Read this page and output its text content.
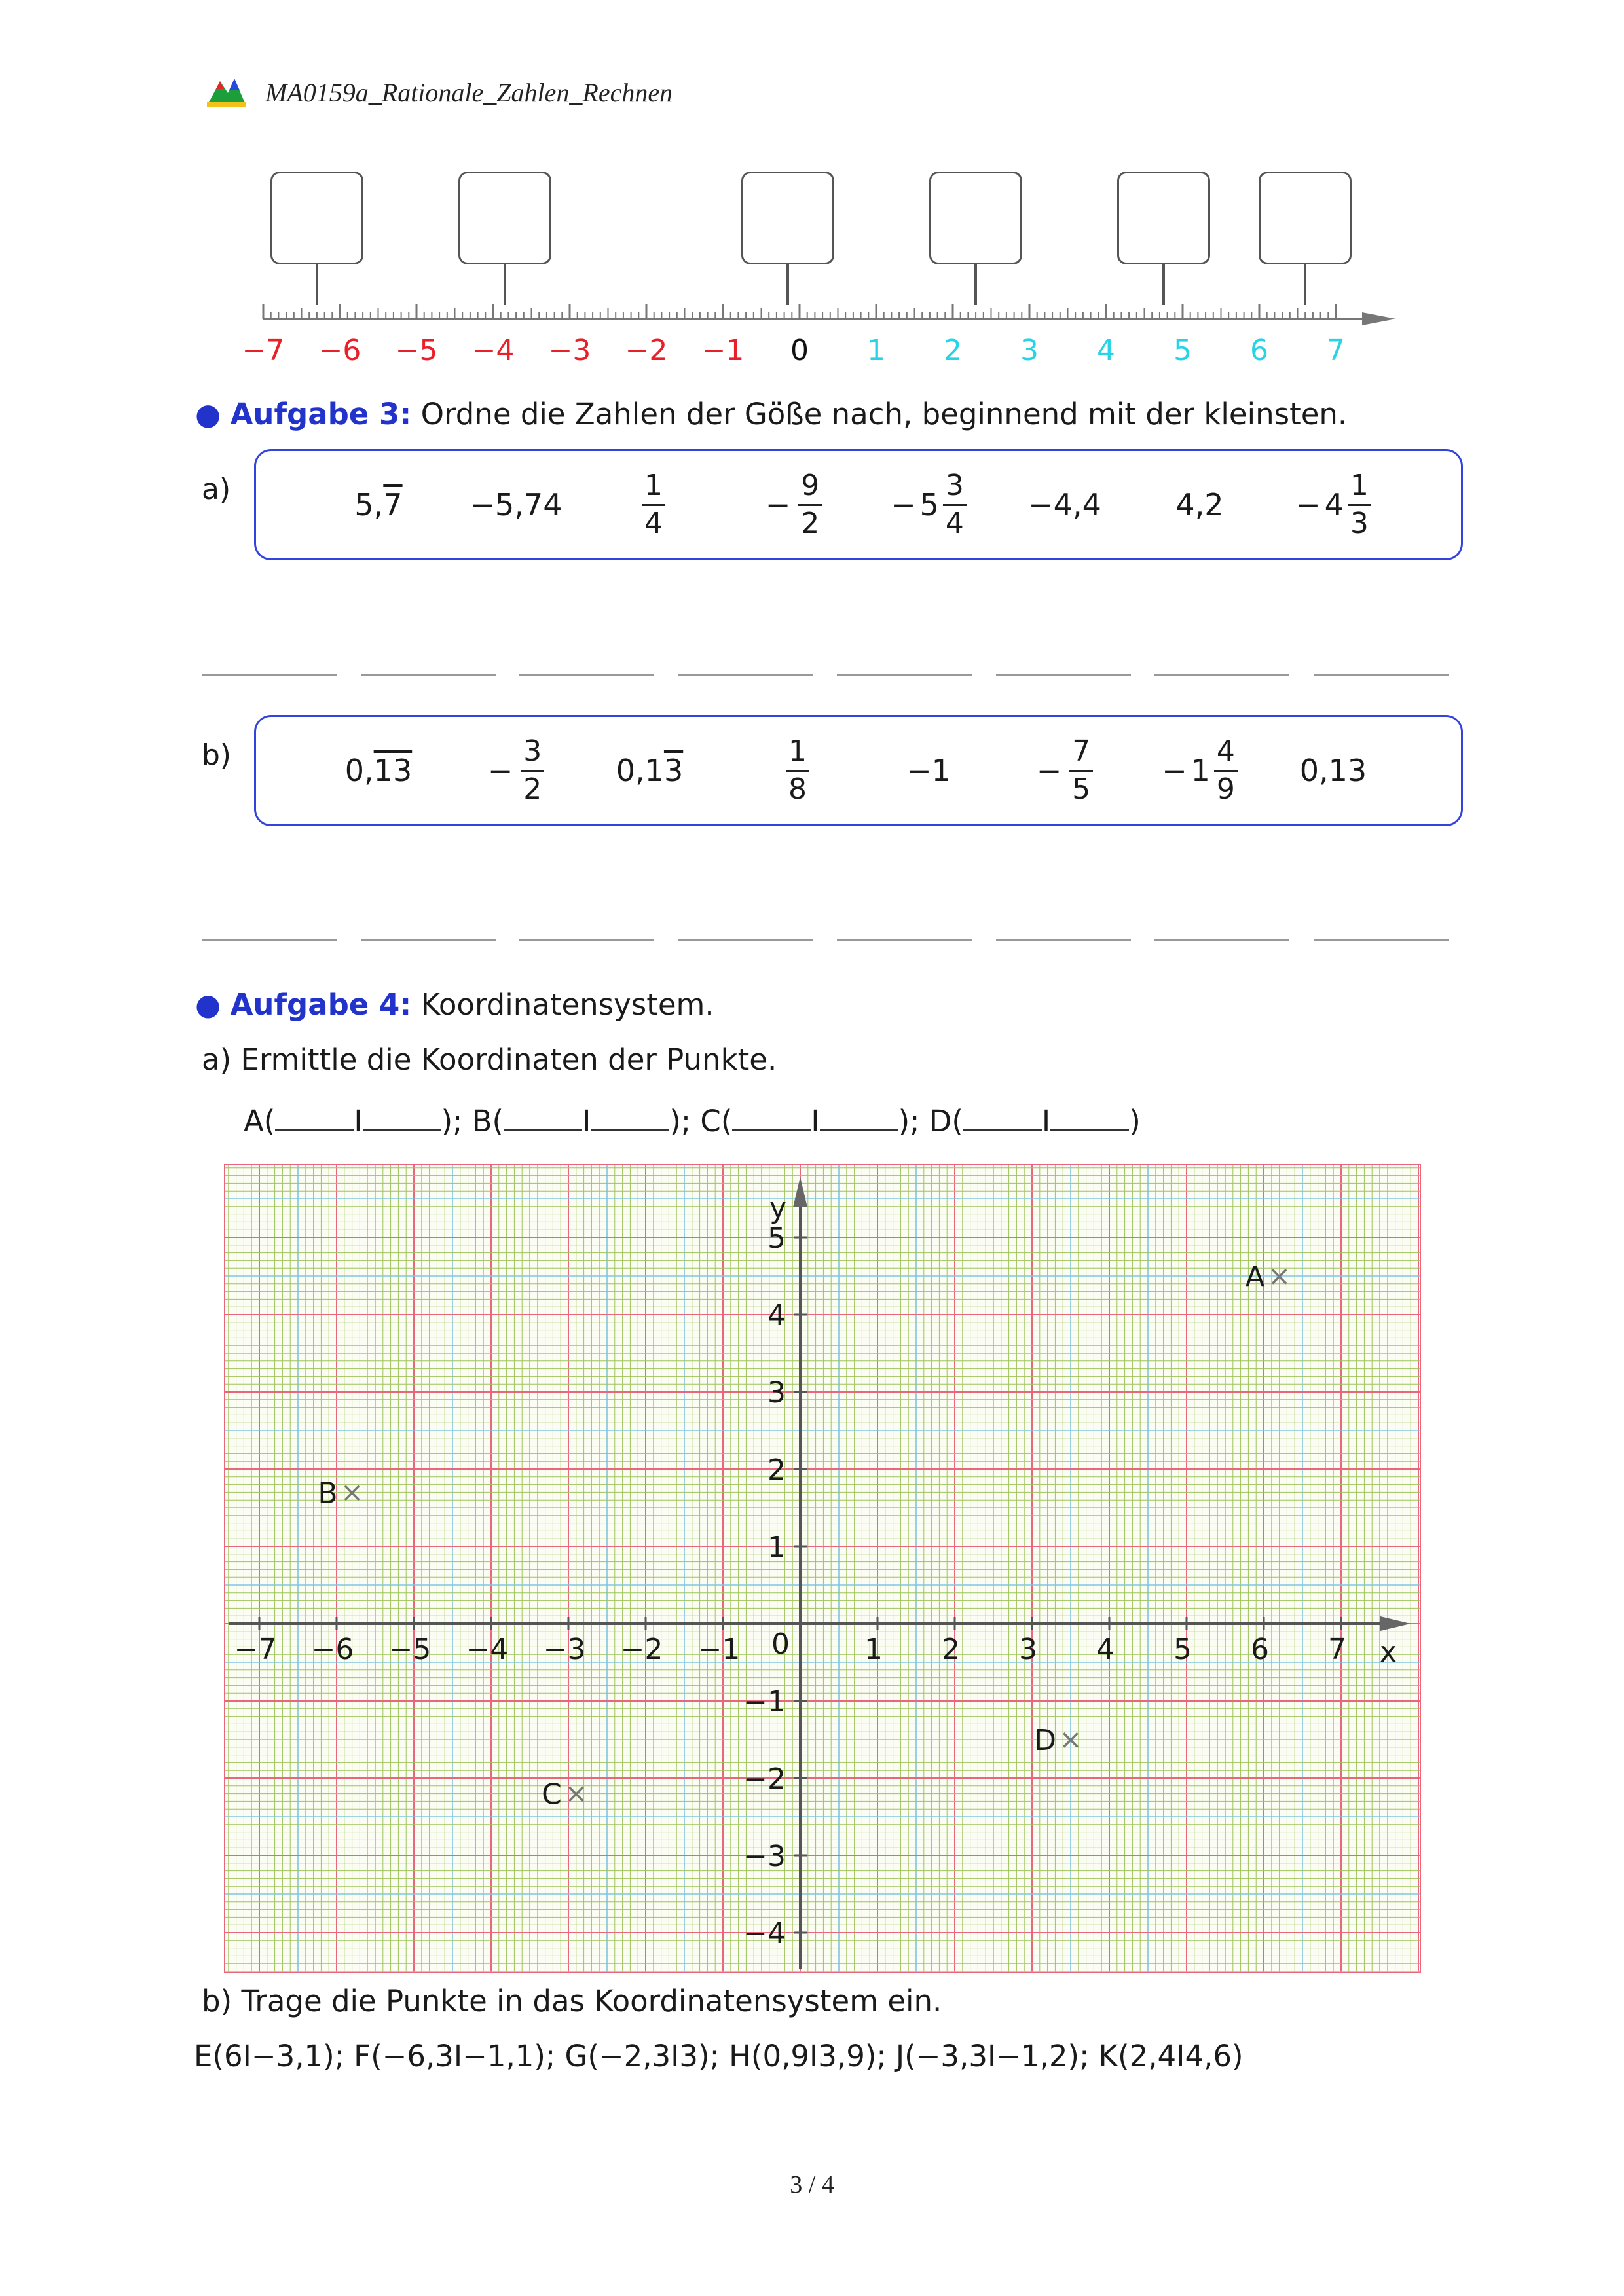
MA0159a_Rationale_Zahlen_Rechnen
−7 −6 −5 −4 −3 −2 −1	0	1	2	3	4	5	6	7
● Aufgabe 3: Ordne die Zahlen der Göße nach, beginnend mit der kleinsten.
a)	5, 7 −5,74	$\frac{1}{4}$	− $\frac{9}{2} - 5 \frac{3}{4} -4,4$ $4,2 - 4 \frac{1}{3}$
b)	0, 13	− $\frac{3}{2} 0,1$ 3	$\frac{1}{8}$	−1	− $\frac{7}{5} - 1 \frac{4}{9} 0,13$
● Aufgabe 4: Koordinatensystem.
a) Ermittle die Koordinaten der Punkte.
A(	I	); B(	I	); C(	I	); D(	I	)
−7 −6 −5 −4 −3 −2 −1	1 2 3 4 5 6 7
−4
−3
−2
−1
1
2
3
4
5
0	x
y
×
A
×
B
×
C
×
D
b) Trage die Punkte in das Koordinatensystem ein.
E(6I−3,1); F(−6,3I−1,1); G(−2,3I3); H(0,9I3,9); J(−3,3I−1,2); K(2,4I4,6)
3 / 4
